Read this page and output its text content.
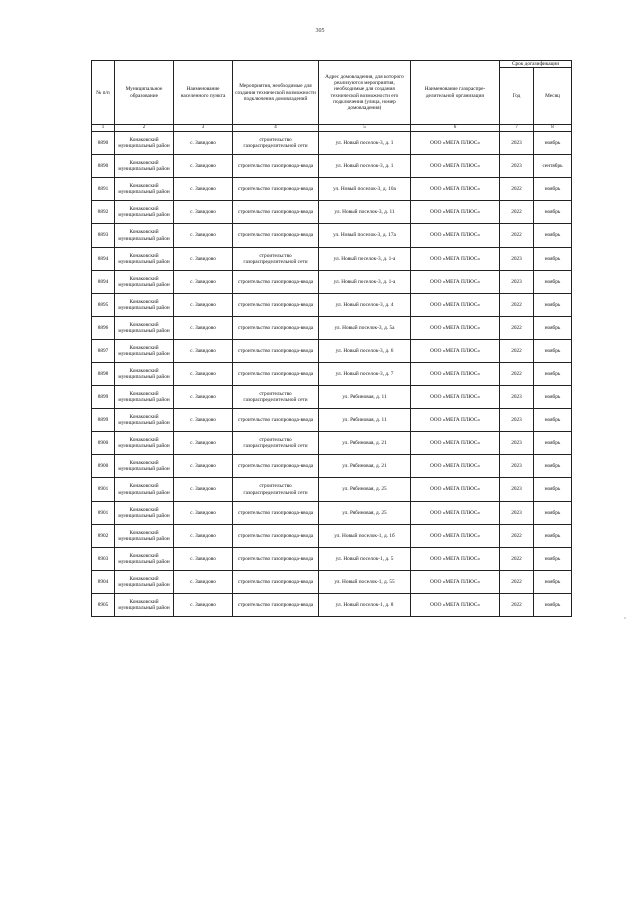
305
№ п/п	Муниципальное образование	Наименование населенного пункта	Мероприятия, необходимые для создания технической возможности подключения домовладений	Адрес домовладения, для которого реализуются мероприятия, необходимые для создания технической возможности его подключения (улица, номер домовладения)	Наименование газораспре-делительной организации	Срок догазификации	
						Год	Месяц
1	2	3	4	5	6	7	8
8890	Конаковский муниципальный район	с. Завидово	строительство газораспределительной сети	ул. Новый поселок-3, д. 1	ООО «МЕГА ПЛЮС»	2023	ноябрь
8890	Конаковский муниципальный район	с. Завидово	строительство газопровода-ввода	ул. Новый поселок-3, д. 1	ООО «МЕГА ПЛЮС»	2023	сентябрь
8891	Конаковский муниципальный район	с. Завидово	строительство газопровода-ввода	ул. Новый поселок-3, д. 10а	ООО «МЕГА ПЛЮС»	2022	ноябрь
8892	Конаковский муниципальный район	с. Завидово	строительство газопровода-ввода	ул. Новый поселок-3, д. 11	ООО «МЕГА ПЛЮС»	2022	ноябрь
8893	Конаковский муниципальный район	с. Завидово	строительство газопровода-ввода	ул. Новый поселок-3, д. 17а	ООО «МЕГА ПЛЮС»	2022	ноябрь
8894	Конаковский муниципальный район	с. Завидово	строительство газораспределительной сети	ул. Новый поселок-3, д. 1-а	ООО «МЕГА ПЛЮС»	2023	ноябрь
8894	Конаковский муниципальный район	с. Завидово	строительство газопровода-ввода	ул. Новый поселок-3, д. 1-а	ООО «МЕГА ПЛЮС»	2023	ноябрь
8895	Конаковский муниципальный район	с. Завидово	строительство газопровода-ввода	ул. Новый поселок-3, д. 4	ООО «МЕГА ПЛЮС»	2022	ноябрь
8896	Конаковский муниципальный район	с. Завидово	строительство газопровода-ввода	ул. Новый поселок-3, д. 5а	ООО «МЕГА ПЛЮС»	2022	ноябрь
8897	Конаковский муниципальный район	с. Завидово	строительство газопровода-ввода	ул. Новый поселок-3, д. 6	ООО «МЕГА ПЛЮС»	2022	ноябрь
8898	Конаковский муниципальный район	с. Завидово	строительство газопровода-ввода	ул. Новый поселок-3, д. 7	ООО «МЕГА ПЛЮС»	2022	ноябрь
8899	Конаковский муниципальный район	с. Завидово	строительство газораспределительной сети	ул. Рябиновая, д. 11	ООО «МЕГА ПЛЮС»	2023	ноябрь
8899	Конаковский муниципальный район	с. Завидово	строительство газопровода-ввода	ул. Рябиновая, д. 11	ООО «МЕГА ПЛЮС»	2023	ноябрь
8900	Конаковский муниципальный район	с. Завидово	строительство газораспределительной сети	ул. Рябиновая, д. 21	ООО «МЕГА ПЛЮС»	2023	ноябрь
8900	Конаковский муниципальный район	с. Завидово	строительство газопровода-ввода	ул. Рябиновая, д. 21	ООО «МЕГА ПЛЮС»	2023	ноябрь
8901	Конаковский муниципальный район	с. Завидово	строительство газораспределительной сети	ул. Рябиновая, д. 25	ООО «МЕГА ПЛЮС»	2023	ноябрь
8901	Конаковский муниципальный район	с. Завидово	строительство газопровода-ввода	ул. Рябиновая, д. 25	ООО «МЕГА ПЛЮС»	2023	ноябрь
8902	Конаковский муниципальный район	с. Завидово	строительство газопровода-ввода	ул. Новый поселок-1, д. 1б	ООО «МЕГА ПЛЮС»	2022	ноябрь
8903	Конаковский муниципальный район	с. Завидово	строительство газопровода-ввода	ул. Новый поселок-1, д. 5	ООО «МЕГА ПЛЮС»	2022	ноябрь
8904	Конаковский муниципальный район	с. Завидово	строительство газопровода-ввода	ул. Новый поселок-1, д. 55	ООО «МЕГА ПЛЮС»	2022	ноябрь
8905	Конаковский муниципальный район	с. Завидово	строительство газопровода-ввода	ул. Новый поселок-1, д. 8	ООО «МЕГА ПЛЮС»	2022	ноябрь
"
